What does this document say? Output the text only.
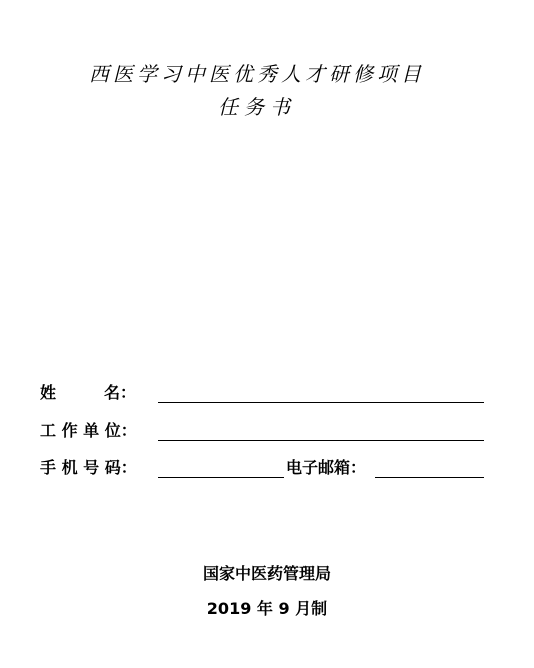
西医学习中医优秀人才研修项目
任务书
姓　　　名：
工 作 单 位：
手 机 号 码：	电子邮箱：
国家中医药管理局
2019 年 9 月制
